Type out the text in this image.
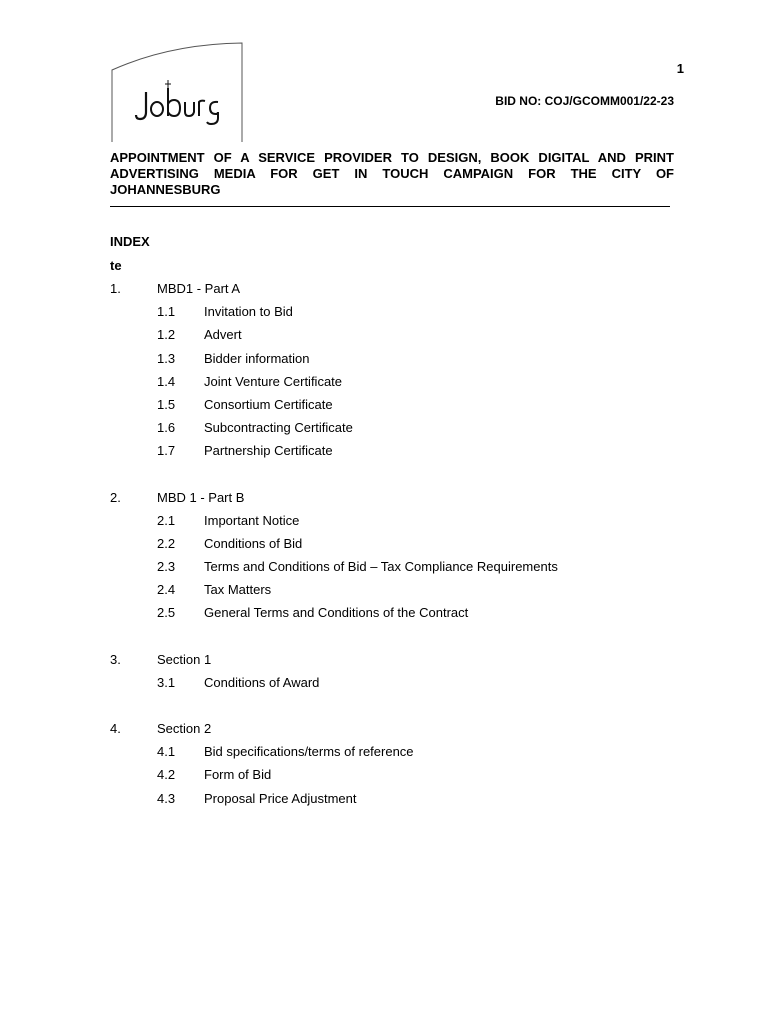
1
BID NO: COJ/GCOMM001/22-23

APPOINTMENT OF A SERVICE PROVIDER TO DESIGN, BOOK DIGITAL AND PRINT ADVERTISING MEDIA FOR GET IN TOUCH CAMPAIGN FOR THE CITY OF JOHANNESBURG

INDEX
te
1.	MBD1 - Part A
1.1	Invitation to Bid
1.2	Advert
1.3	Bidder information
1.4	Joint Venture Certificate
1.5	Consortium Certificate
1.6	Subcontracting Certificate
1.7	Partnership Certificate
2.	MBD 1 - Part B
2.1	Important Notice
2.2	Conditions of Bid
2.3	Terms and Conditions of Bid – Tax Compliance Requirements
2.4	Tax Matters
2.5	General Terms and Conditions of the Contract
3.	Section 1
3.1	Conditions of Award
4.	Section 2
4.1	Bid specifications/terms of reference
4.2	Form of Bid
4.3	Proposal Price Adjustment
